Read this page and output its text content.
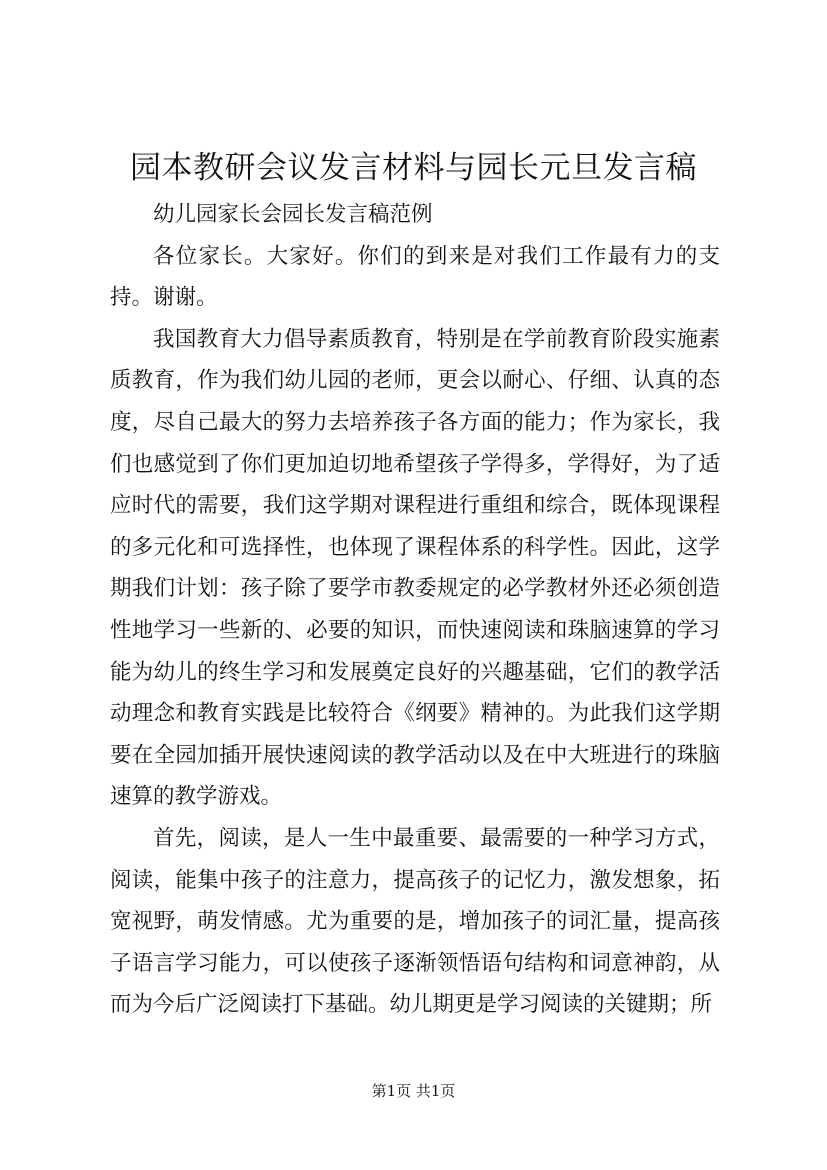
园本教研会议发言材料与园长元旦发言稿

幼儿园家长会园长发言稿范例

各位家长。大家好。你们的到来是对我们工作最有力的支持。谢谢。

我国教育大力倡导素质教育，特别是在学前教育阶段实施素质教育，作为我们幼儿园的老师，更会以耐心、仔细、认真的态度，尽自己最大的努力去培养孩子各方面的能力；作为家长，我们也感觉到了你们更加迫切地希望孩子学得多，学得好，为了适应时代的需要，我们这学期对课程进行重组和综合，既体现课程的多元化和可选择性，也体现了课程体系的科学性。因此，这学期我们计划：孩子除了要学市教委规定的必学教材外还必须创造性地学习一些新的、必要的知识，而快速阅读和珠脑速算的学习能为幼儿的终生学习和发展奠定良好的兴趣基础，它们的教学活动理念和教育实践是比较符合《纲要》精神的。为此我们这学期要在全园加插开展快速阅读的教学活动以及在中大班进行的珠脑速算的教学游戏。

首先，阅读，是人一生中最重要、最需要的一种学习方式，阅读，能集中孩子的注意力，提高孩子的记忆力，激发想象，拓宽视野，萌发情感。尤为重要的是，增加孩子的词汇量，提高孩子语言学习能力，可以使孩子逐渐领悟语句结构和词意神韵，从而为今后广泛阅读打下基础。幼儿期更是学习阅读的关键期；所

第1页 共1页
